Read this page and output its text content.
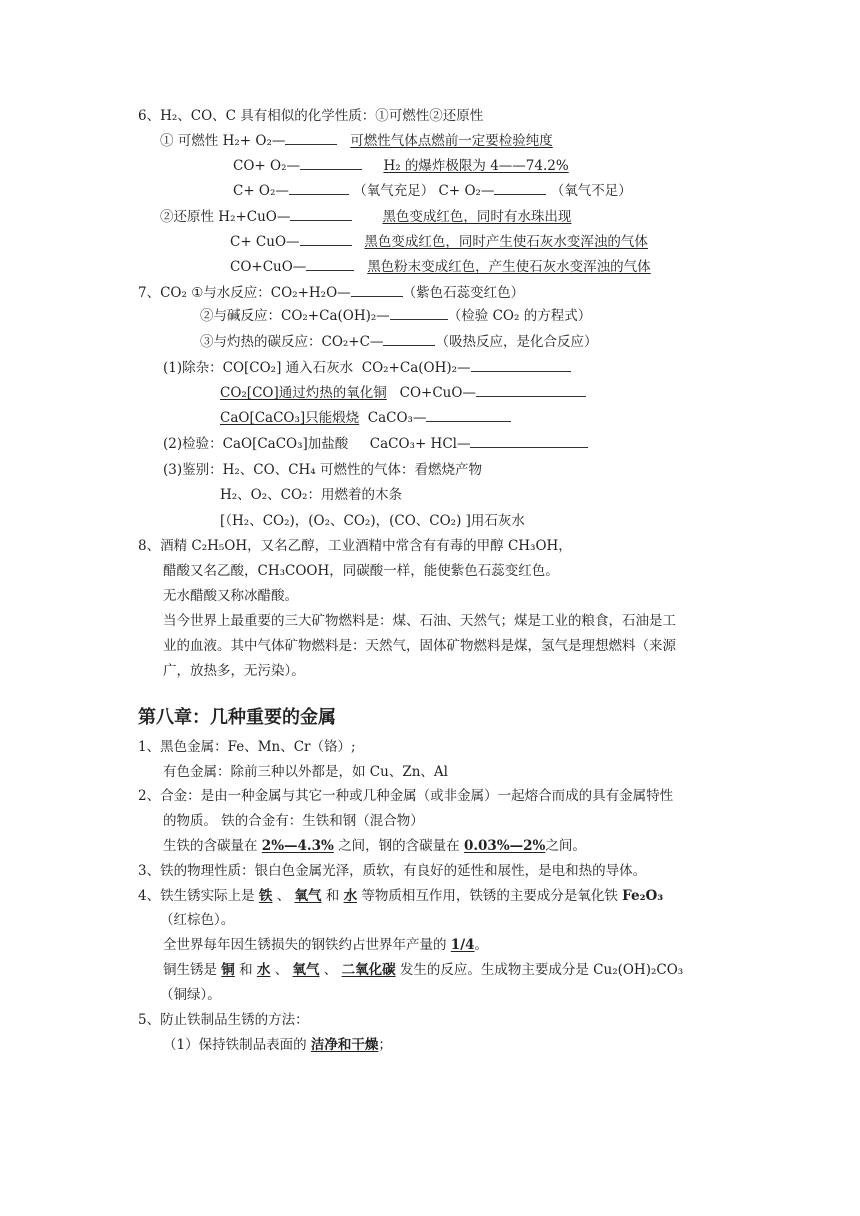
6、H₂、CO、C 具有相似的化学性质：①可燃性②还原性
① 可燃性 H₂+ O₂—	可燃性气体点燃前一定要检验纯度
CO+ O₂—	H₂ 的爆炸极限为 4——74.2%
C+ O₂—	（氧气充足） C+ O₂—	（氧气不足）
②还原性 H₂+CuO—	黑色变成红色，同时有水珠出现
C+ CuO—	黑色变成红色，同时产生使石灰水变浑浊的气体
CO+CuO—	黑色粉末变成红色，产生使石灰水变浑浊的气体
7、CO₂ ①与水反应：CO₂+H₂O—	（紫色石蕊变红色）
②与碱反应：CO₂+Ca(OH)₂—	（检验 CO₂ 的方程式）
③与灼热的碳反应：CO₂+C—	（吸热反应，是化合反应）
(1)除杂：CO[CO₂] 通入石灰水 CO₂+Ca(OH)₂—
CO₂[CO]通过灼热的氧化铜 CO+CuO—
CaO[CaCO₃]只能煅烧 CaCO₃—
(2)检验：CaO[CaCO₃]加盐酸 CaCO₃+ HCl—
(3)鉴别：H₂、CO、CH₄ 可燃性的气体：看燃烧产物
H₂、O₂、CO₂：用燃着的木条
[（H₂、CO₂)，(O₂、CO₂)，(CO、CO₂) ]用石灰水
8、酒精 C₂H₅OH，又名乙醇，工业酒精中常含有有毒的甲醇 CH₃OH，
醋酸又名乙酸，CH₃COOH，同碳酸一样，能使紫色石蕊变红色。
无水醋酸又称冰醋酸。
当今世界上最重要的三大矿物燃料是：煤、石油、天然气；煤是工业的粮食，石油是工
业的血液。其中气体矿物燃料是：天然气，固体矿物燃料是煤，氢气是理想燃料（来源
广，放热多，无污染）。
第八章：几种重要的金属
1、黑色金属：Fe、Mn、Cr（铬）;
有色金属：除前三种以外都是，如 Cu、Zn、Al
2、合金：是由一种金属与其它一种或几种金属（或非金属）一起熔合而成的具有金属特性
的物质。 铁的合金有：生铁和钢（混合物）
生铁的含碳量在 2%—4.3% 之间，钢的含碳量在 0.03%—2%之间。
3、铁的物理性质：银白色金属光泽，质软，有良好的延性和展性，是电和热的导体。
4、铁生锈实际上是 铁 、 氧气 和 水 等物质相互作用，铁锈的主要成分是氧化铁 Fe₂O₃
（红棕色）。
全世界每年因生锈损失的钢铁约占世界年产量的 1/4。
铜生锈是 铜 和 水 、 氧气 、 二氧化碳 发生的反应。生成物主要成分是 Cu₂(OH)₂CO₃
（铜绿）。
5、防止铁制品生锈的方法：
（1）保持铁制品表面的 洁净和干燥；
